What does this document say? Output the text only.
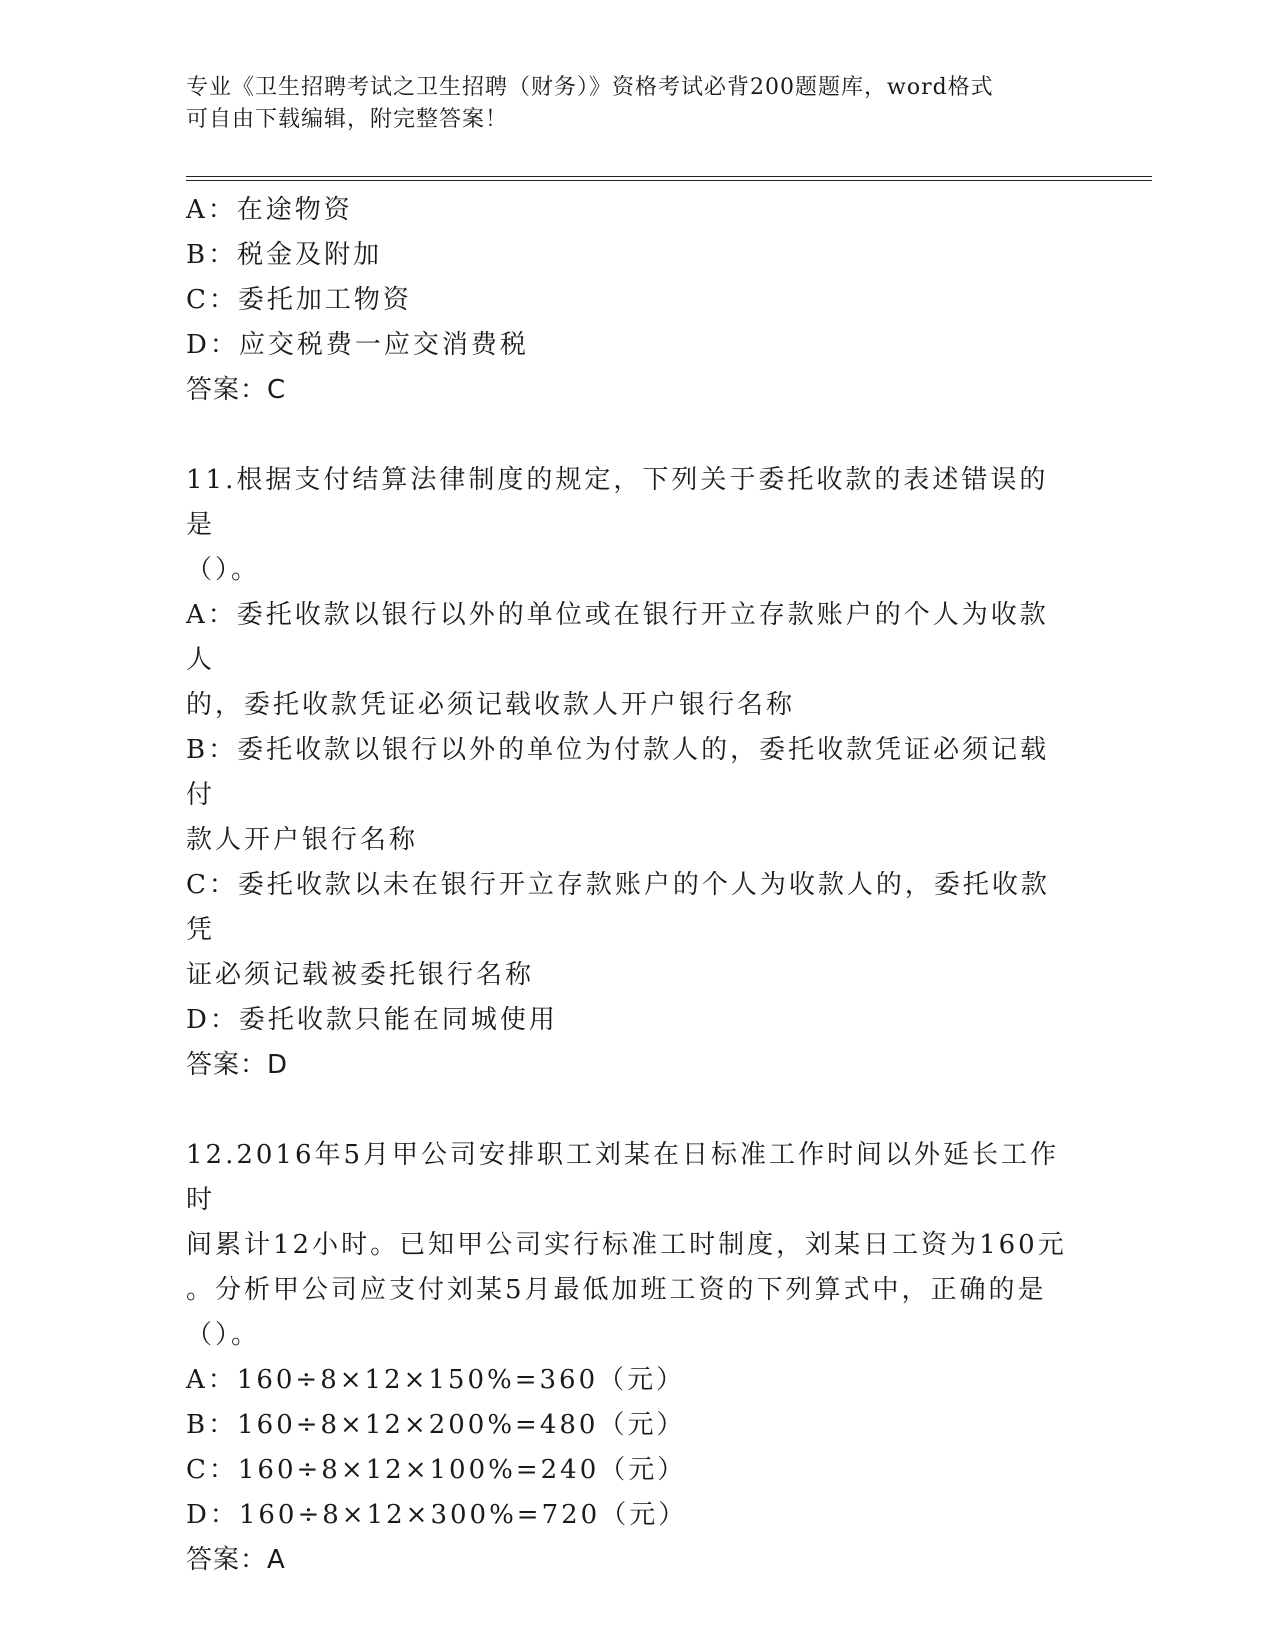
专业《卫生招聘考试之卫生招聘（财务）》资格考试必背200题题库，word格式
可自由下载编辑，附完整答案！

A：在途物资

B：税金及附加

C：委托加工物资

D：应交税费一应交消费税

答案：C

11.根据支付结算法律制度的规定，下列关于委托收款的表述错误的是

（）。

A：委托收款以银行以外的单位或在银行开立存款账户的个人为收款人

的，委托收款凭证必须记载收款人开户银行名称

B：委托收款以银行以外的单位为付款人的，委托收款凭证必须记载付

款人开户银行名称

C：委托收款以未在银行开立存款账户的个人为收款人的，委托收款凭

证必须记载被委托银行名称

D：委托收款只能在同城使用

答案：D

12.2016年5月甲公司安排职工刘某在日标准工作时间以外延长工作时

间累计12小时。已知甲公司实行标准工时制度，刘某日工资为160元

。分析甲公司应支付刘某5月最低加班工资的下列算式中，正确的是

（）。

A：160÷8×12×150%=360（元）

B：160÷8×12×200%=480（元）

C：160÷8×12×100%=240（元）

D：160÷8×12×300%=720（元）

答案：A
